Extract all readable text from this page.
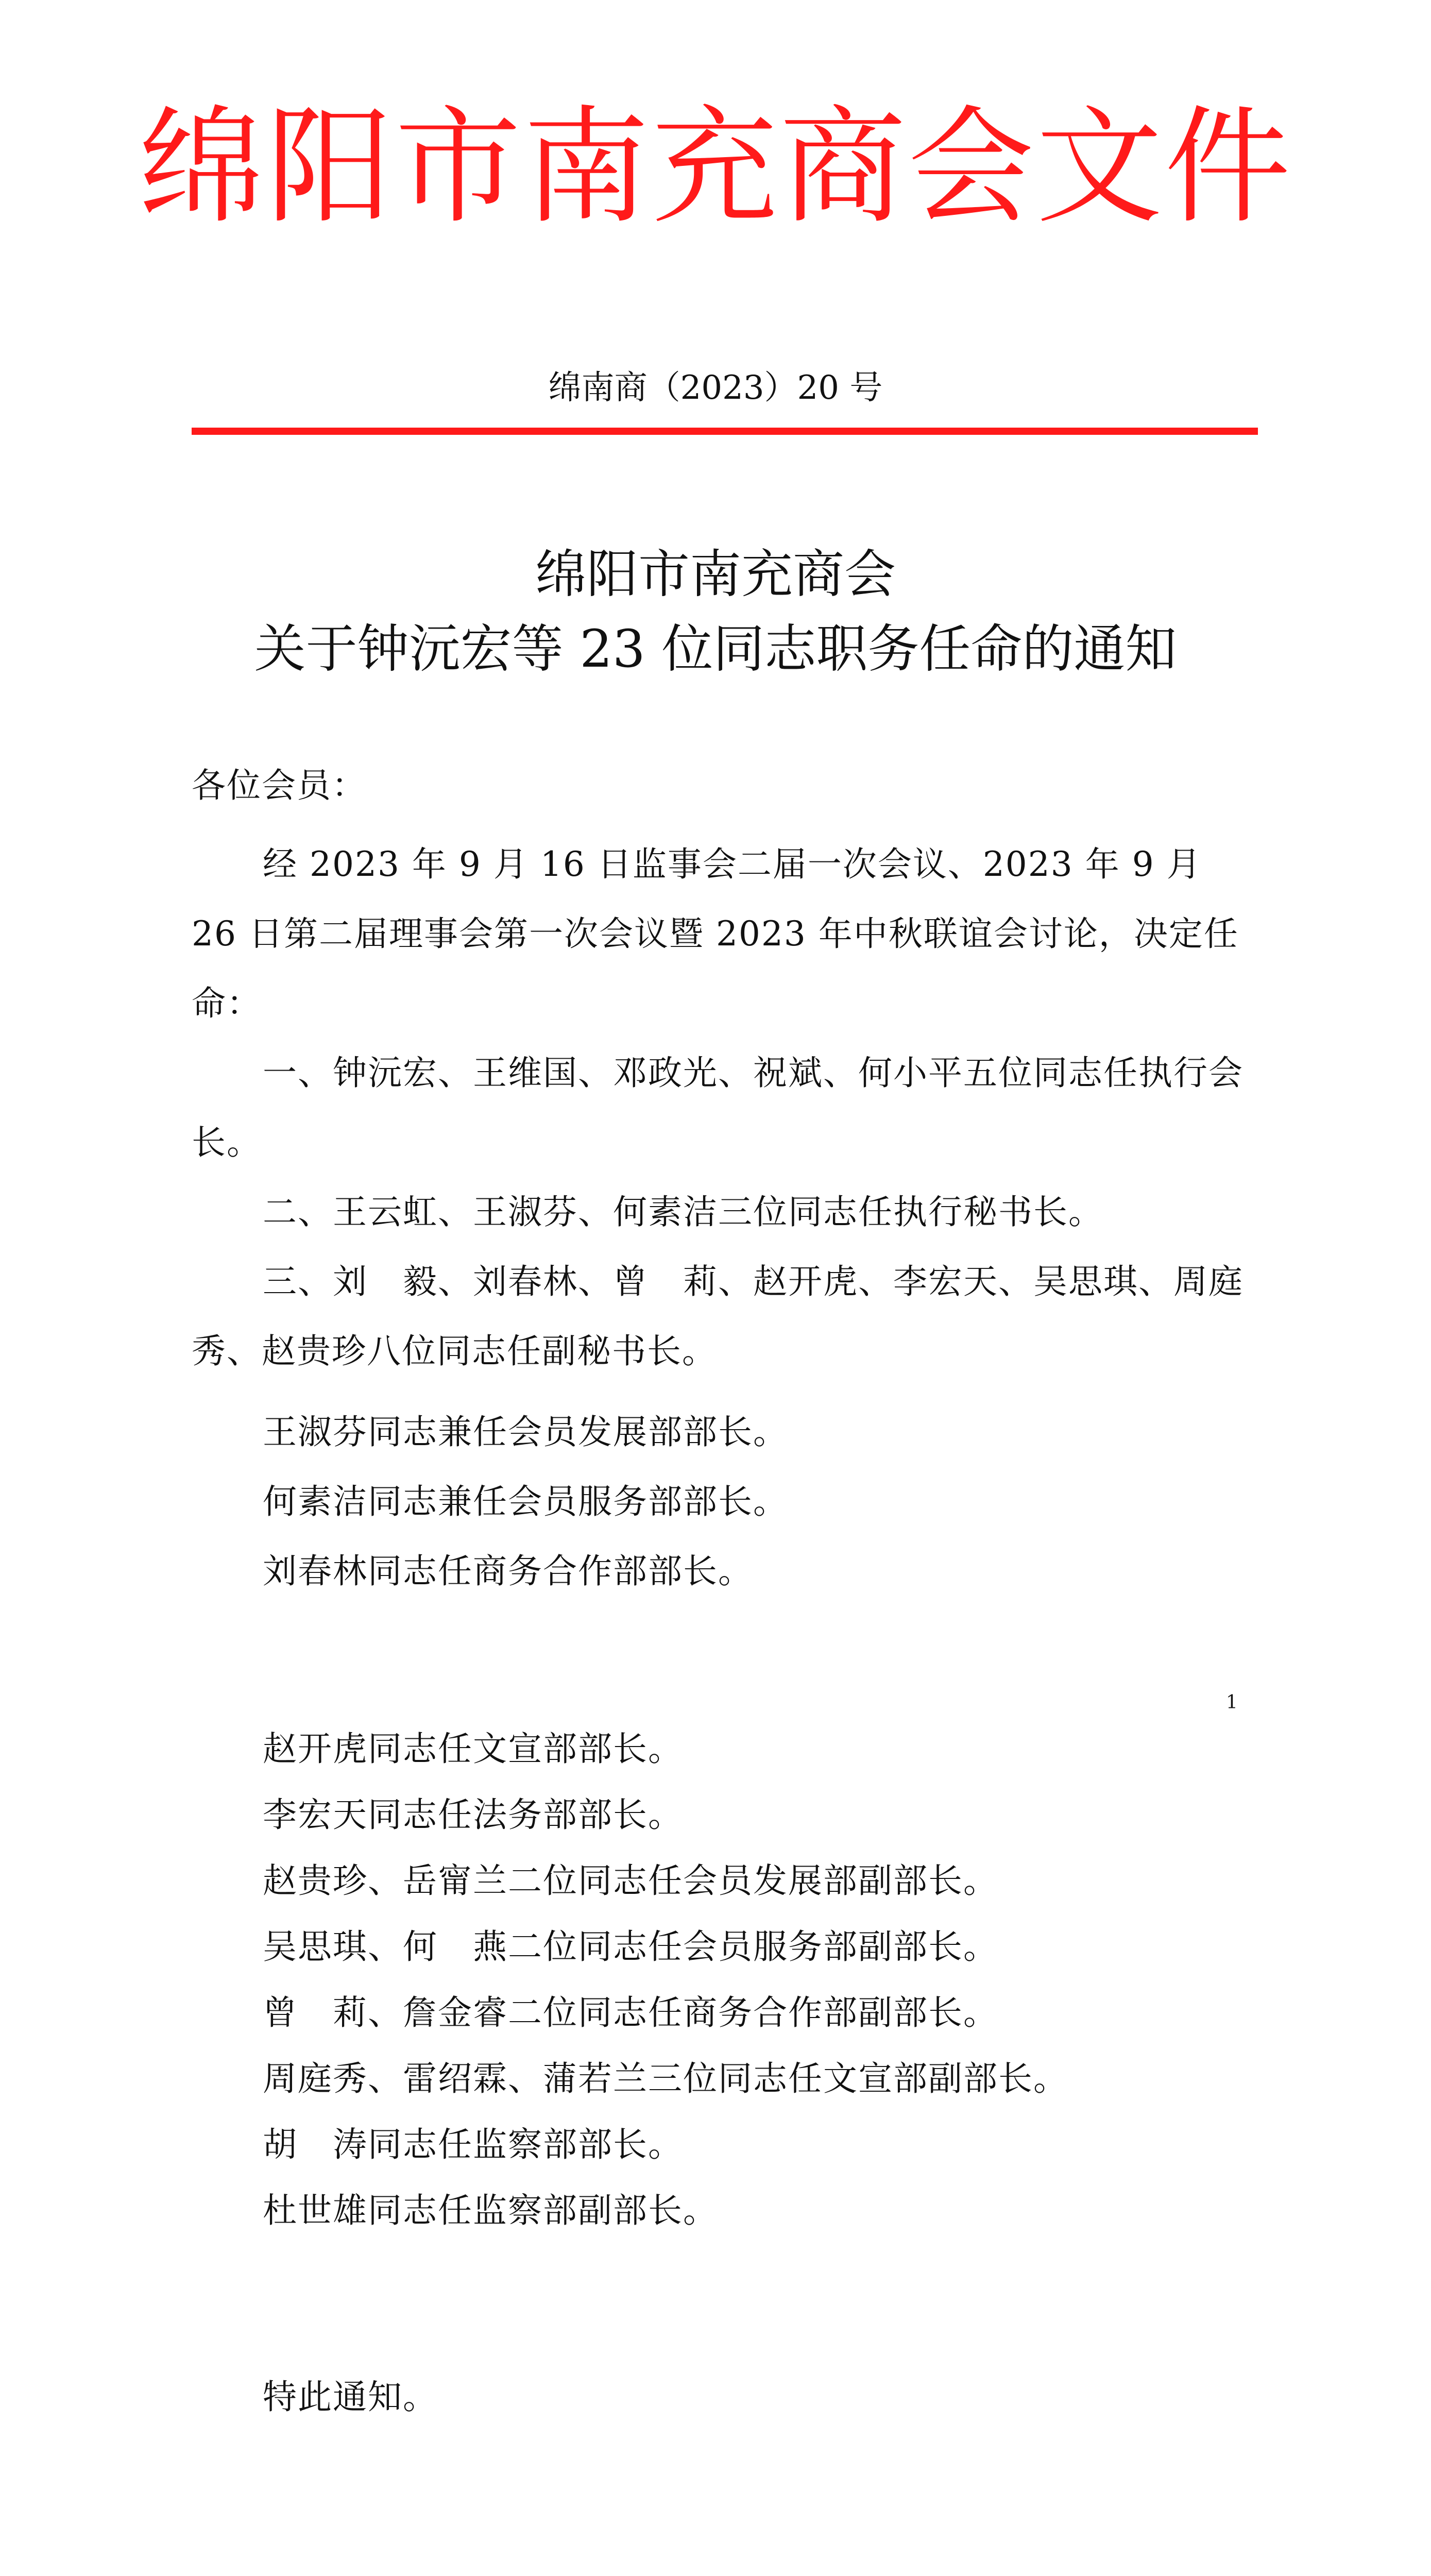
绵阳市南充商会文件
绵南商（2023）20 号
绵阳市南充商会
关于钟沅宏等 23 位同志职务任命的通知
各位会员：
经 2023 年 9 月 16 日监事会二届一次会议、2023 年 9 月 26 日第二届理事会第一次会议暨 2023 年中秋联谊会讨论，决定任命：
一、钟沅宏、王维国、邓政光、祝斌、何小平五位同志任执行会长。
二、王云虹、王淑芬、何素洁三位同志任执行秘书长。
三、刘　毅、刘春林、曾　莉、赵开虎、李宏天、吴思琪、周庭秀、赵贵珍八位同志任副秘书长。
王淑芬同志兼任会员发展部部长。
何素洁同志兼任会员服务部部长。
刘春林同志任商务合作部部长。
1
赵开虎同志任文宣部部长。
李宏天同志任法务部部长。
赵贵珍、岳甯兰二位同志任会员发展部副部长。
吴思琪、何　燕二位同志任会员服务部副部长。
曾　莉、詹金睿二位同志任商务合作部副部长。
周庭秀、雷绍霖、蒲若兰三位同志任文宣部副部长。
胡　涛同志任监察部部长。
杜世雄同志任监察部副部长。
特此通知。
